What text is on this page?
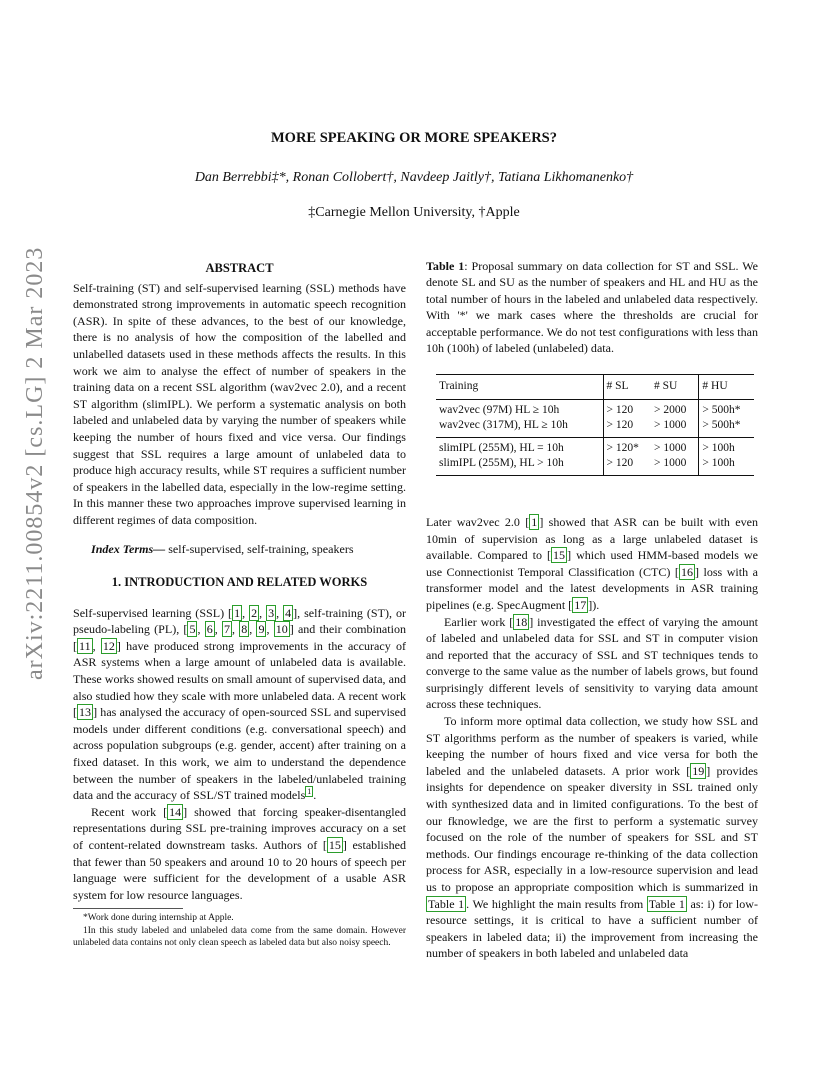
arXiv:2211.00854v2 [cs.LG] 2 Mar 2023
MORE SPEAKING OR MORE SPEAKERS?
Dan Berrebbi‡*, Ronan Collobert†, Navdeep Jaitly†, Tatiana Likhomanenko†
‡Carnegie Mellon University, †Apple
ABSTRACT

Self-training (ST) and self-supervised learning (SSL) methods have demonstrated strong improvements in automatic speech recognition (ASR). In spite of these advances, to the best of our knowledge, there is no analysis of how the composition of the labelled and unlabelled datasets used in these methods affects the results. In this work we aim to analyse the effect of number of speakers in the training data on a recent SSL algorithm (wav2vec 2.0), and a recent ST algorithm (slimIPL). We perform a systematic analysis on both labeled and unlabeled data by varying the number of speakers while keeping the number of hours fixed and vice versa. Our findings suggest that SSL requires a large amount of unlabeled data to produce high accuracy results, while ST requires a sufficient number of speakers in the labelled data, especially in the low-regime setting. In this manner these two approaches improve supervised learning in different regimes of data composition.

Index Terms— self-supervised, self-training, speakers

1. INTRODUCTION AND RELATED WORKS

Self-supervised learning (SSL) [ 1 , 2 , 3 , 4 ], self-training (ST), or pseudo-labeling (PL), [ 5 , 6 , 7 , 8 , 9 , 10 ] and their combination [ 11 , 12 ] have produced strong improvements in the accuracy of ASR systems when a large amount of unlabeled data is available. These works showed results on small amount of supervised data, and also studied how they scale with more unlabeled data. A recent work [ 13 ] has analysed the accuracy of open-sourced SSL and supervised models under different conditions (e.g. conversational speech) and across population subgroups (e.g. gender, accent) after training on a fixed dataset. In this work, we aim to understand the dependence between the number of speakers in the labeled/unlabeled training data and the accuracy of SSL/ST trained models $^1$ .

Recent work [ 14 ] showed that forcing speaker-disentangled representations during SSL pre-training improves accuracy on a set of content-related downstream tasks. Authors of [ 15 ] established that fewer than 50 speakers and around 10 to 20 hours of speech per language were sufficient for the development of a usable ASR system for low resource languages.

*Work done during internship at Apple.

1In this study labeled and unlabeled data come from the same domain. However unlabeled data contains not only clean speech as labeled data but also noisy speech.

Table 1: Proposal summary on data collection for ST and SSL. We denote SL and SU as the number of speakers and HL and HU as the total number of hours in the labeled and unlabeled data respectively. With '*' we mark cases where the thresholds are crucial for acceptable performance. We do not test configurations with less than 10h (100h) of labeled (unlabeled) data.

Training	# SL	# SU	# HU
wav2vec (97M) HL ≥ 10h	> 120	> 2000	> 500h*
wav2vec (317M), HL ≥ 10h	> 120	> 1000	> 500h*
slimIPL (255M), HL = 10h	> 120*	> 1000	> 100h
slimIPL (255M), HL > 10h	> 120	> 1000	> 100h

Later wav2vec 2.0 [ 1 ] showed that ASR can be built with even 10min of supervision as long as a large unlabeled dataset is available. Compared to [ 15 ] which used HMM-based models we use Connectionist Temporal Classification (CTC) [ 16 ] loss with a transformer model and the latest developments in ASR training pipelines (e.g. SpecAugment [ 17 ]).

Earlier work [ 18 ] investigated the effect of varying the amount of labeled and unlabeled data for SSL and ST in computer vision and reported that the accuracy of SSL and ST techniques tends to converge to the same value as the number of labels grows, but found surprisingly different levels of sensitivity to varying data amount across these techniques.

To inform more optimal data collection, we study how SSL and ST algorithms perform as the number of speakers is varied, while keeping the number of hours fixed and vice versa for both the labeled and the unlabeled datasets. A prior work [ 19 ] provides insights for dependence on speaker diversity in SSL trained only with synthesized data and in limited configurations. To the best of our fknowledge, we are the first to perform a systematic survey focused on the role of the number of speakers for SSL and ST methods. Our findings encourage re-thinking of the data collection process for ASR, especially in a low-resource supervision and lead us to propose an appropriate composition which is summarized in Table 1 . We highlight the main results from Table 1 as: i) for low-resource settings, it is critical to have a sufficient number of speakers in labeled data; ii) the improvement from increasing the number of speakers in both labeled and unlabeled data
